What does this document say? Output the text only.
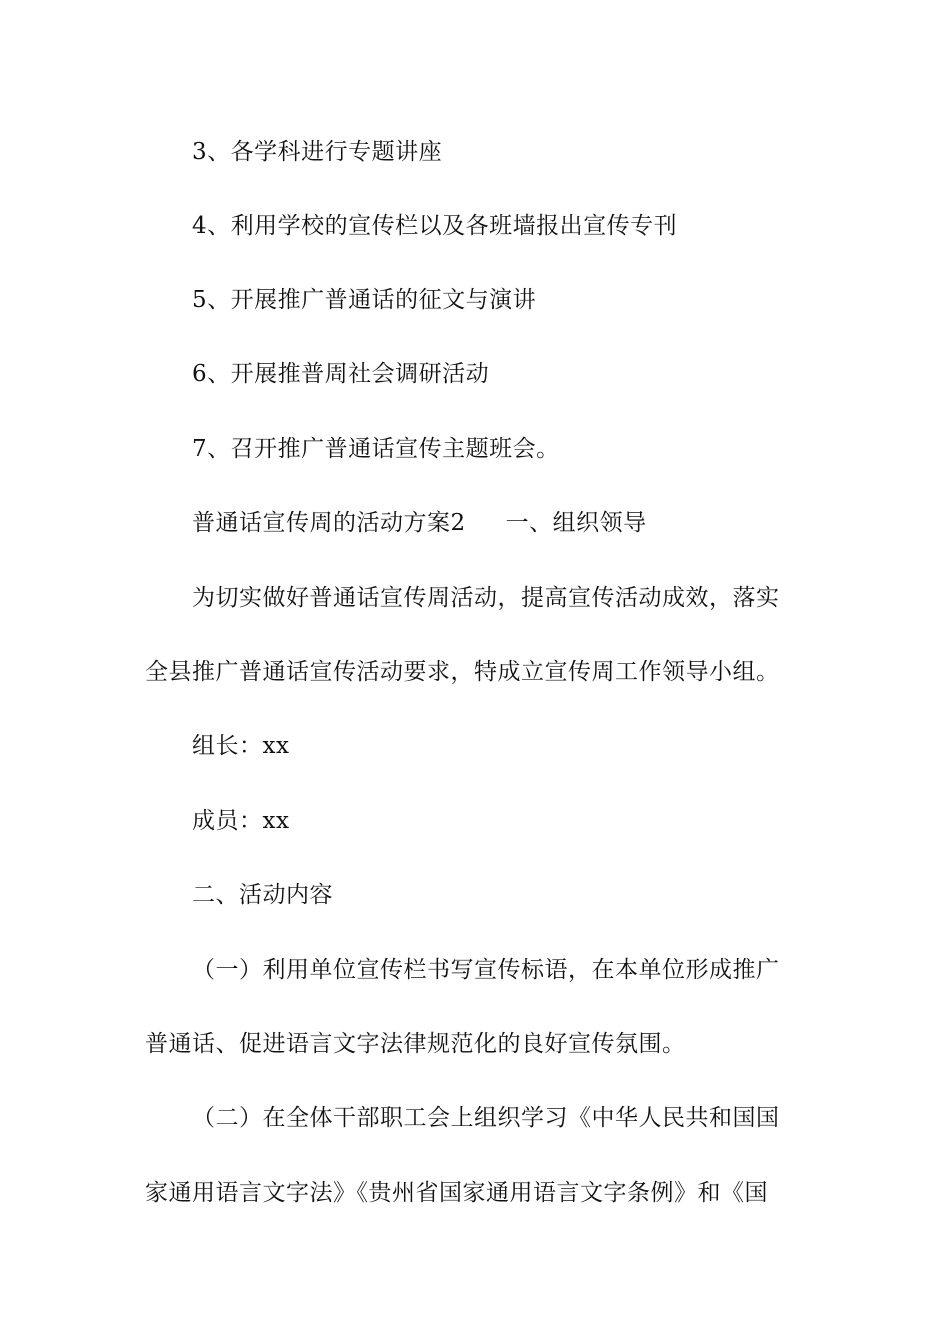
3、各学科进行专题讲座
4、利用学校的宣传栏以及各班墙报出宣传专刊
5、开展推广普通话的征文与演讲
6、开展推普周社会调研活动
7、召开推广普通话宣传主题班会。
普通话宣传周的活动方案2 一、组织领导
为切实做好普通话宣传周活动，提高宣传活动成效，落实
全县推广普通话宣传活动要求，特成立宣传周工作领导小组。
组长：xx
成员：xx
二、活动内容
（一）利用单位宣传栏书写宣传标语，在本单位形成推广
普通话、促进语言文字法律规范化的良好宣传氛围。
（二）在全体干部职工会上组织学习《中华人民共和国国
家通用语言文字法》《贵州省国家通用语言文字条例》和《国
